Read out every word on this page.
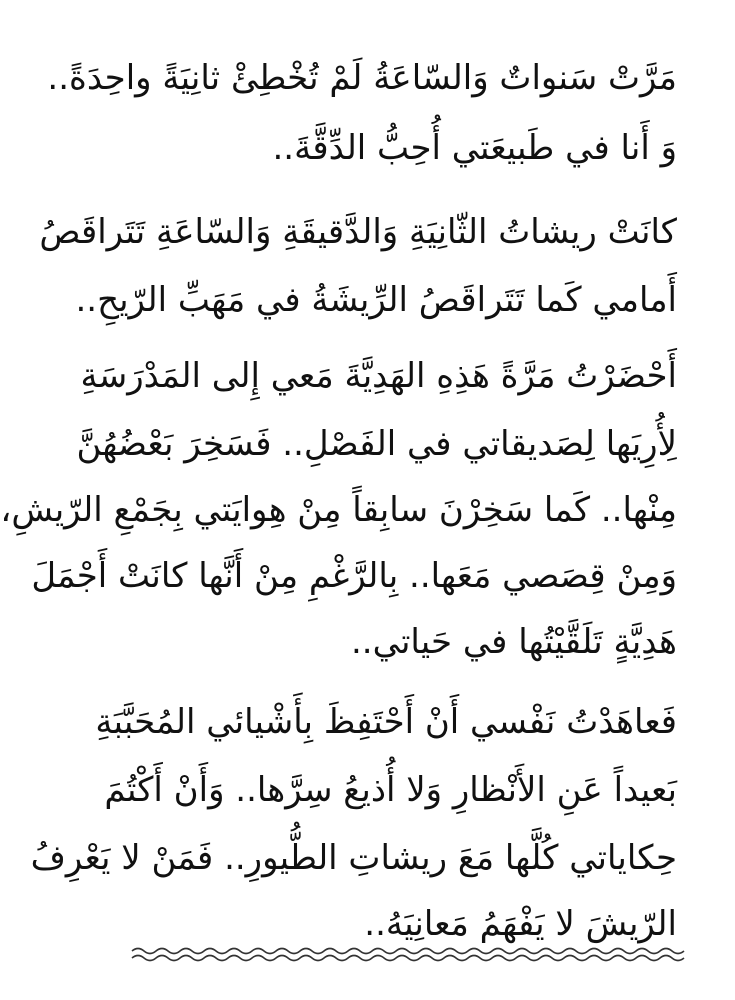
مَرَّتْ سَنواتٌ وَالسّاعَةُ لَمْ تُخْطِئْ ثانِيَةً واحِدَةً..
وَ أَنا في طَبيعَتي أُحِبُّ الدِّقَّةَ..
كانَتْ ريشاتُ الثّانِيَةِ وَالدَّقيقَةِ وَالسّاعَةِ تَتَراقَصُ
أَمامي كَما تَتَراقَصُ الرِّيشَةُ في مَهَبِّ الرّيحِ..
أَحْضَرْتُ مَرَّةً هَذِهِ الهَدِيَّةَ مَعي إِلى المَدْرَسَةِ
لِأُرِيَها لِصَديقاتي في الفَصْلِ.. فَسَخِرَ بَعْضُهُنَّ
مِنْها.. كَما سَخِرْنَ سابِقاً مِنْ هِوايَتي بِجَمْعِ الرّيشِ،
وَمِنْ قِصَصي مَعَها.. بِالرَّغْمِ مِنْ أَنَّها كانَتْ أَجْمَلَ
هَدِيَّةٍ تَلَقَّيْتُها في حَياتي..
فَعاهَدْتُ نَفْسي أَنْ أَحْتَفِظَ بِأَشْيائي المُحَبَّبَةِ
بَعيداً عَنِ الأَنْظارِ وَلا أُذيعُ سِرَّها.. وَأَنْ أَكْتُمَ
حِكاياتي كُلَّها مَعَ ريشاتِ الطُّيورِ.. فَمَنْ لا يَعْرِفُ
الرّيشَ لا يَفْهَمُ مَعانِيَهُ..
